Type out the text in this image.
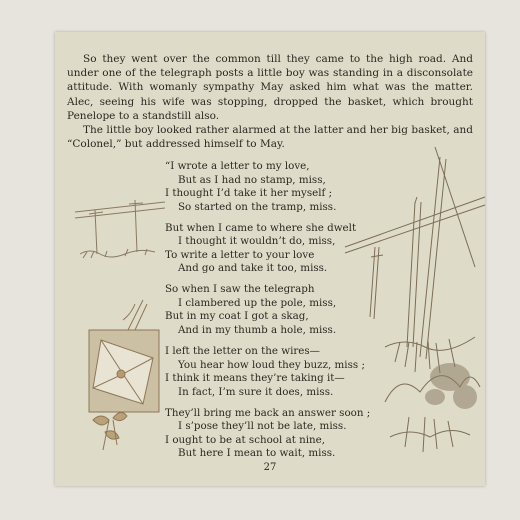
So they went over the common till they came to the high road. And under one of the telegraph posts a little boy was standing in a disconsolate attitude. With womanly sympathy May asked him what was the matter. Alec, seeing his wife was stopping, dropped the basket, which brought Penelope to a standstill also.

The little boy looked rather alarmed at the latter and her big basket, and “Colonel,” but addressed himself to May.

“I wrote a letter to my love,
But as I had no stamp, miss,
I thought I’d take it her myself ;
So started on the tramp, miss.
But when I came to where she dwelt
I thought it wouldn’t do, miss,
To write a letter to your love
And go and take it too, miss.
So when I saw the telegraph
I clambered up the pole, miss,
But in my coat I got a skag,
And in my thumb a hole, miss.
I left the letter on the wires—
You hear how loud they buzz, miss ;
I think it means they’re taking it—
In fact, I’m sure it does, miss.
They’ll bring me back an answer soon ;
I s’pose they’ll not be late, miss.
I ought to be at school at nine,
But here I mean to wait, miss.
27
